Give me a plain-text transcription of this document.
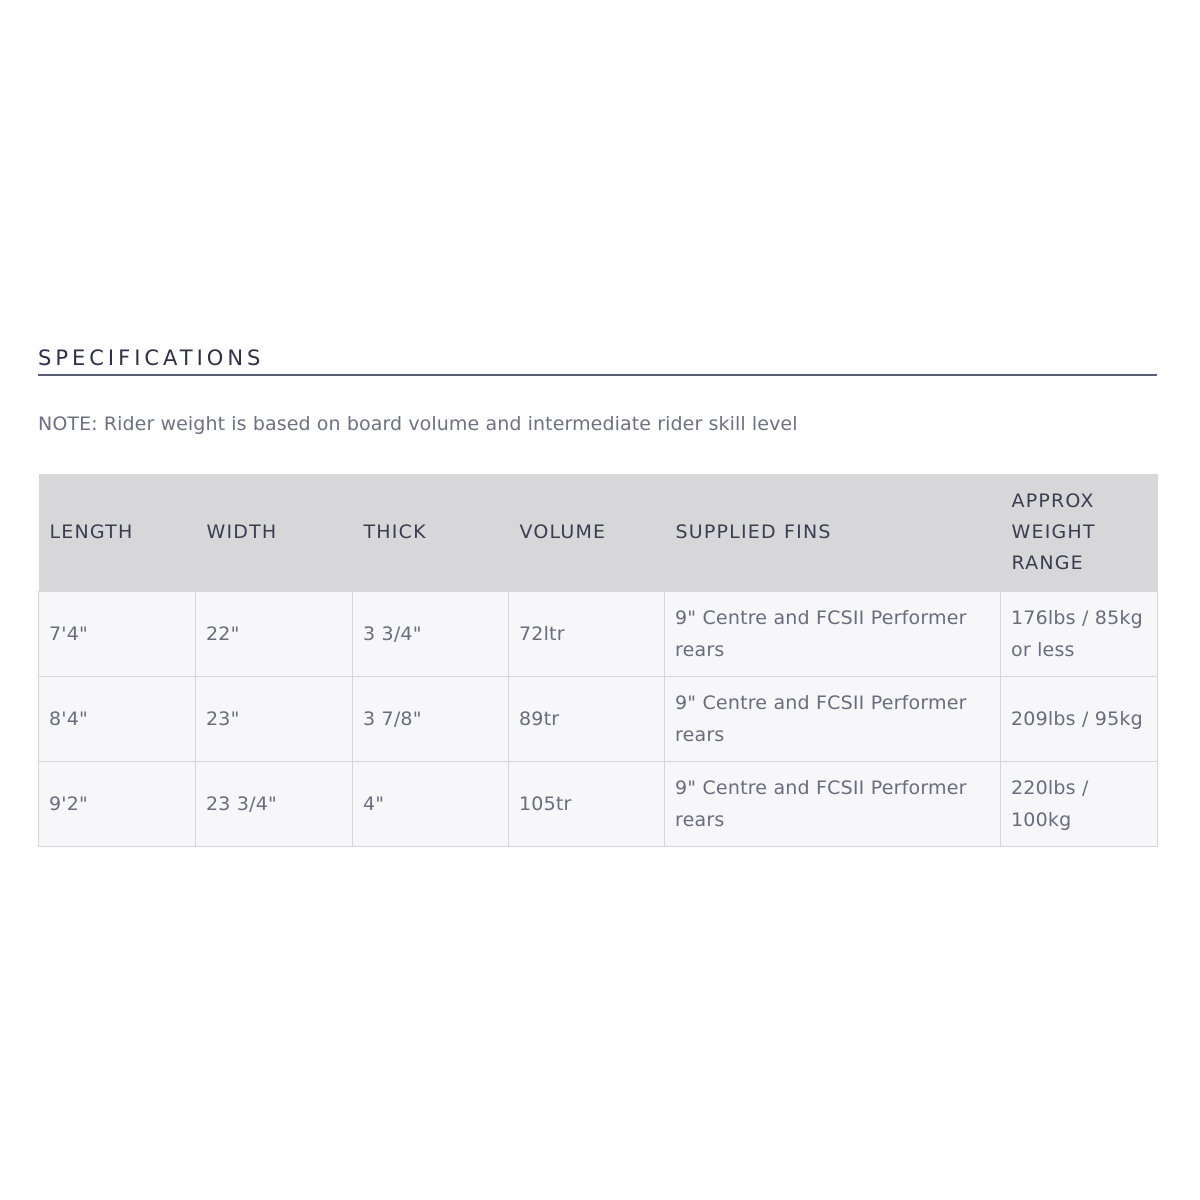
SPECIFICATIONS
NOTE: Rider weight is based on board volume and intermediate rider skill level
LENGTH	WIDTH	THICK	VOLUME	SUPPLIED FINS	APPROX WEIGHT RANGE
7'4"	22"	3 3/4"	72ltr	9" Centre and FCSII Performer rears	176lbs / 85kg or less
8'4"	23"	3 7/8"	89tr	9" Centre and FCSII Performer rears	209lbs / 95kg
9'2"	23 3/4"	4"	105tr	9" Centre and FCSII Performer rears	220lbs / 100kg
